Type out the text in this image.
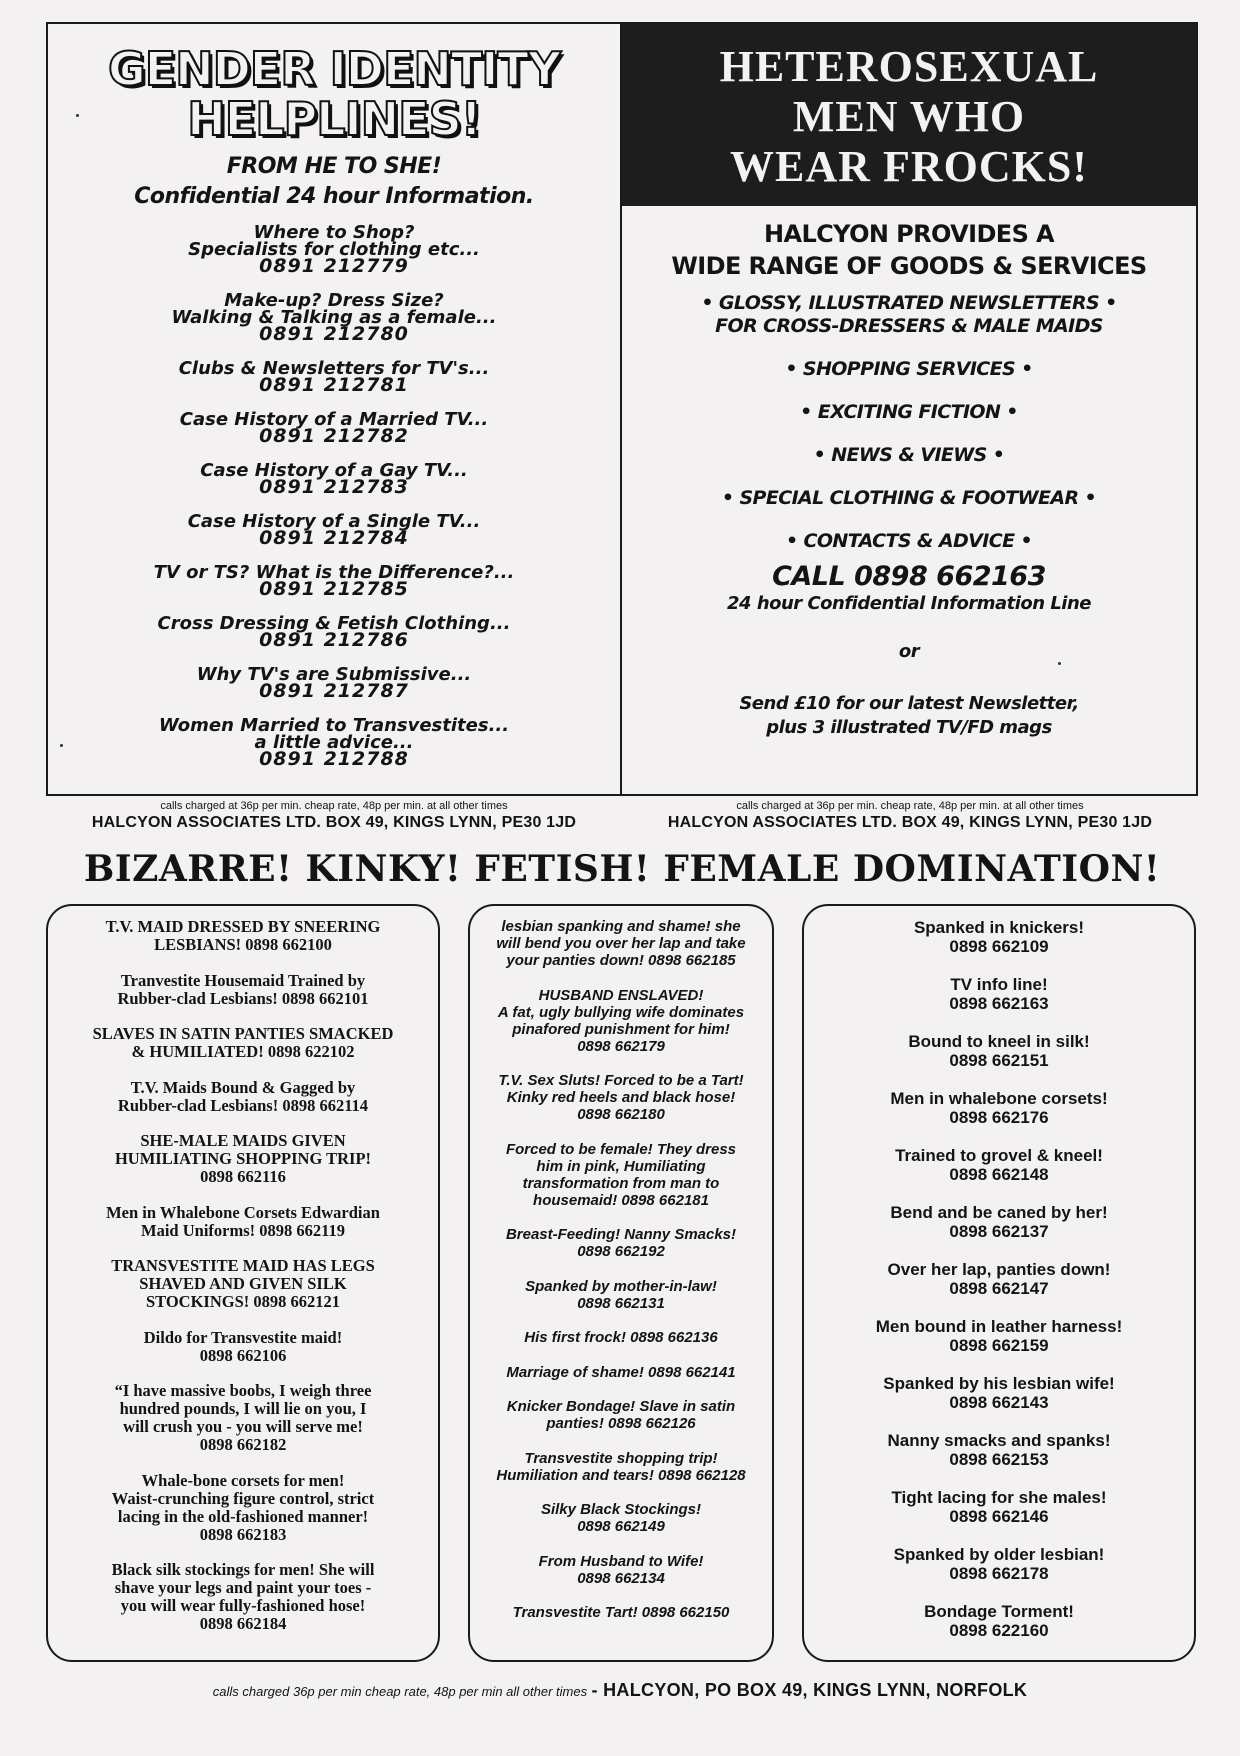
GENDER IDENTITY
HELPLINES!
FROM HE TO SHE!
Confidential 24 hour Information.
Where to Shop?
Specialists for clothing etc...
0891 212779
Make-up? Dress Size?
Walking & Talking as a female...
0891 212780
Clubs & Newsletters for TV's...
0891 212781
Case History of a Married TV...
0891 212782
Case History of a Gay TV...
0891 212783
Case History of a Single TV...
0891 212784
TV or TS? What is the Difference?...
0891 212785
Cross Dressing & Fetish Clothing...
0891 212786
Why TV's are Submissive...
0891 212787
Women Married to Transvestites...
a little advice...
0891 212788
HETEROSEXUAL
MEN WHO
WEAR FROCKS!
HALCYON PROVIDES A
WIDE RANGE OF GOODS & SERVICES
• GLOSSY, ILLUSTRATED NEWSLETTERS •
FOR CROSS-DRESSERS & MALE MAIDS
• SHOPPING SERVICES •
• EXCITING FICTION •
• NEWS & VIEWS •
• SPECIAL CLOTHING & FOOTWEAR •
• CONTACTS & ADVICE •
CALL 0898 662163
24 hour Confidential Information Line
or
Send £10 for our latest Newsletter,
plus 3 illustrated TV/FD mags
calls charged at 36p per min. cheap rate, 48p per min. at all other times
HALCYON ASSOCIATES LTD. BOX 49, KINGS LYNN, PE30 1JD
calls charged at 36p per min. cheap rate, 48p per min. at all other times
HALCYON ASSOCIATES LTD. BOX 49, KINGS LYNN, PE30 1JD
BIZARRE! KINKY! FETISH! FEMALE DOMINATION!
T.V. MAID DRESSED BY SNEERING
LESBIANS! 0898 662100
Tranvestite Housemaid Trained by
Rubber-clad Lesbians! 0898 662101
SLAVES IN SATIN PANTIES SMACKED
& HUMILIATED! 0898 622102
T.V. Maids Bound & Gagged by
Rubber-clad Lesbians! 0898 662114
SHE-MALE MAIDS GIVEN
HUMILIATING SHOPPING TRIP!
0898 662116
Men in Whalebone Corsets Edwardian
Maid Uniforms! 0898 662119
TRANSVESTITE MAID HAS LEGS
SHAVED AND GIVEN SILK
STOCKINGS! 0898 662121
Dildo for Transvestite maid!
0898 662106
“I have massive boobs, I weigh three
hundred pounds, I will lie on you, I
will crush you - you will serve me!
0898 662182
Whale-bone corsets for men!
Waist-crunching figure control, strict
lacing in the old-fashioned manner!
0898 662183
Black silk stockings for men! She will
shave your legs and paint your toes -
you will wear fully-fashioned hose!
0898 662184
lesbian spanking and shame! she
will bend you over her lap and take
your panties down! 0898 662185
HUSBAND ENSLAVED!
A fat, ugly bullying wife dominates
pinafored punishment for him!
0898 662179
T.V. Sex Sluts! Forced to be a Tart!
Kinky red heels and black hose!
0898 662180
Forced to be female! They dress
him in pink, Humiliating
transformation from man to
housemaid! 0898 662181
Breast-Feeding! Nanny Smacks!
0898 662192
Spanked by mother-in-law!
0898 662131
His first frock! 0898 662136
Marriage of shame! 0898 662141
Knicker Bondage! Slave in satin
panties! 0898 662126
Transvestite shopping trip!
Humiliation and tears! 0898 662128
Silky Black Stockings!
0898 662149
From Husband to Wife!
0898 662134
Transvestite Tart! 0898 662150
Spanked in knickers!
0898 662109
TV info line!
0898 662163
Bound to kneel in silk!
0898 662151
Men in whalebone corsets!
0898 662176
Trained to grovel & kneel!
0898 662148
Bend and be caned by her!
0898 662137
Over her lap, panties down!
0898 662147
Men bound in leather harness!
0898 662159
Spanked by his lesbian wife!
0898 662143
Nanny smacks and spanks!
0898 662153
Tight lacing for she males!
0898 662146
Spanked by older lesbian!
0898 662178
Bondage Torment!
0898 622160
calls charged 36p per min cheap rate, 48p per min all other times - HALCYON, PO BOX 49, KINGS LYNN, NORFOLK
